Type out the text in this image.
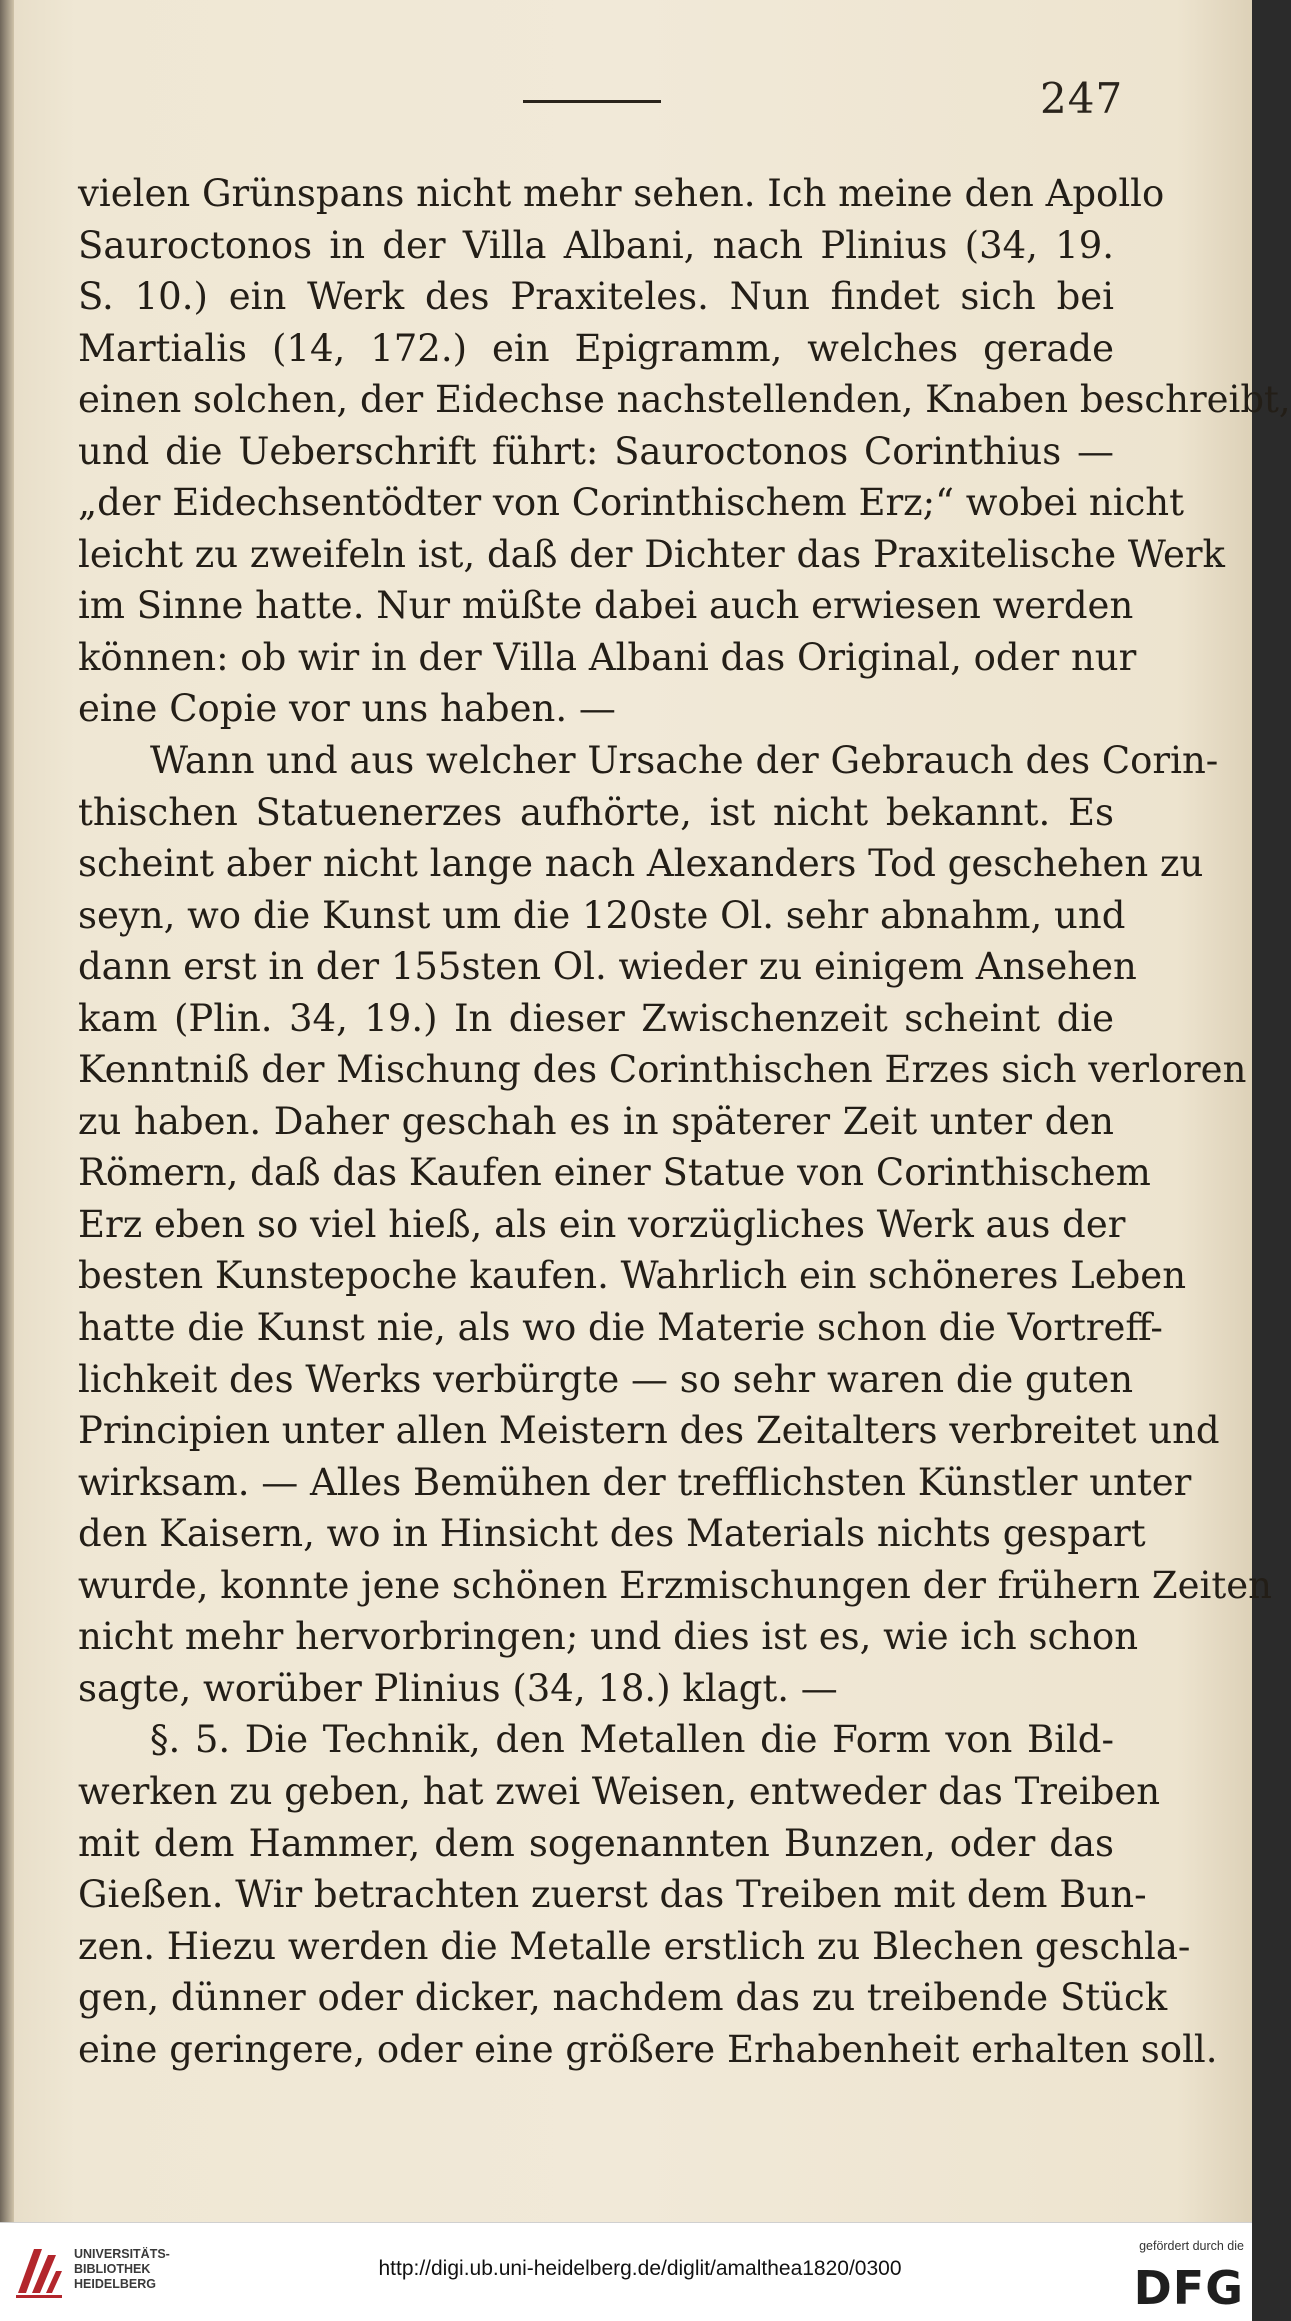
247
vielen Grünspans nicht mehr sehen. Ich meine den Apollo
Sauroctonos in der Villa Albani, nach Plinius (34, 19.
S. 10.) ein Werk des Praxiteles. Nun findet sich bei
Martialis (14, 172.) ein Epigramm, welches gerade
einen solchen, der Eidechse nachstellenden, Knaben beschreibt,
und die Ueberschrift führt: Sauroctonos Corinthius —
„der Eidechsentödter von Corinthischem Erz;“ wobei nicht
leicht zu zweifeln ist, daß der Dichter das Praxitelische Werk
im Sinne hatte. Nur müßte dabei auch erwiesen werden
können: ob wir in der Villa Albani das Original, oder nur
eine Copie vor uns haben. —
Wann und aus welcher Ursache der Gebrauch des Corin-
thischen Statuenerzes aufhörte, ist nicht bekannt. Es
scheint aber nicht lange nach Alexanders Tod geschehen zu
seyn, wo die Kunst um die 120ste Ol. sehr abnahm, und
dann erst in der 155sten Ol. wieder zu einigem Ansehen
kam (Plin. 34, 19.) In dieser Zwischenzeit scheint die
Kenntniß der Mischung des Corinthischen Erzes sich verloren
zu haben. Daher geschah es in späterer Zeit unter den
Römern, daß das Kaufen einer Statue von Corinthischem
Erz eben so viel hieß, als ein vorzügliches Werk aus der
besten Kunstepoche kaufen. Wahrlich ein schöneres Leben
hatte die Kunst nie, als wo die Materie schon die Vortreff-
lichkeit des Werks verbürgte — so sehr waren die guten
Principien unter allen Meistern des Zeitalters verbreitet und
wirksam. — Alles Bemühen der trefflichsten Künstler unter
den Kaisern, wo in Hinsicht des Materials nichts gespart
wurde, konnte jene schönen Erzmischungen der frühern Zeiten
nicht mehr hervorbringen; und dies ist es, wie ich schon
sagte, worüber Plinius (34, 18.) klagt. —
§. 5. Die Technik, den Metallen die Form von Bild-
werken zu geben, hat zwei Weisen, entweder das Treiben
mit dem Hammer, dem sogenannten Bunzen, oder das
Gießen. Wir betrachten zuerst das Treiben mit dem Bun-
zen. Hiezu werden die Metalle erstlich zu Blechen geschla-
gen, dünner oder dicker, nachdem das zu treibende Stück
eine geringere, oder eine größere Erhabenheit erhalten soll.
UNIVERSITÄTS-
BIBLIOTHEK
HEIDELBERG
http://digi.ub.uni-heidelberg.de/diglit/amalthea1820/0300
gefördert durch die
DFG
